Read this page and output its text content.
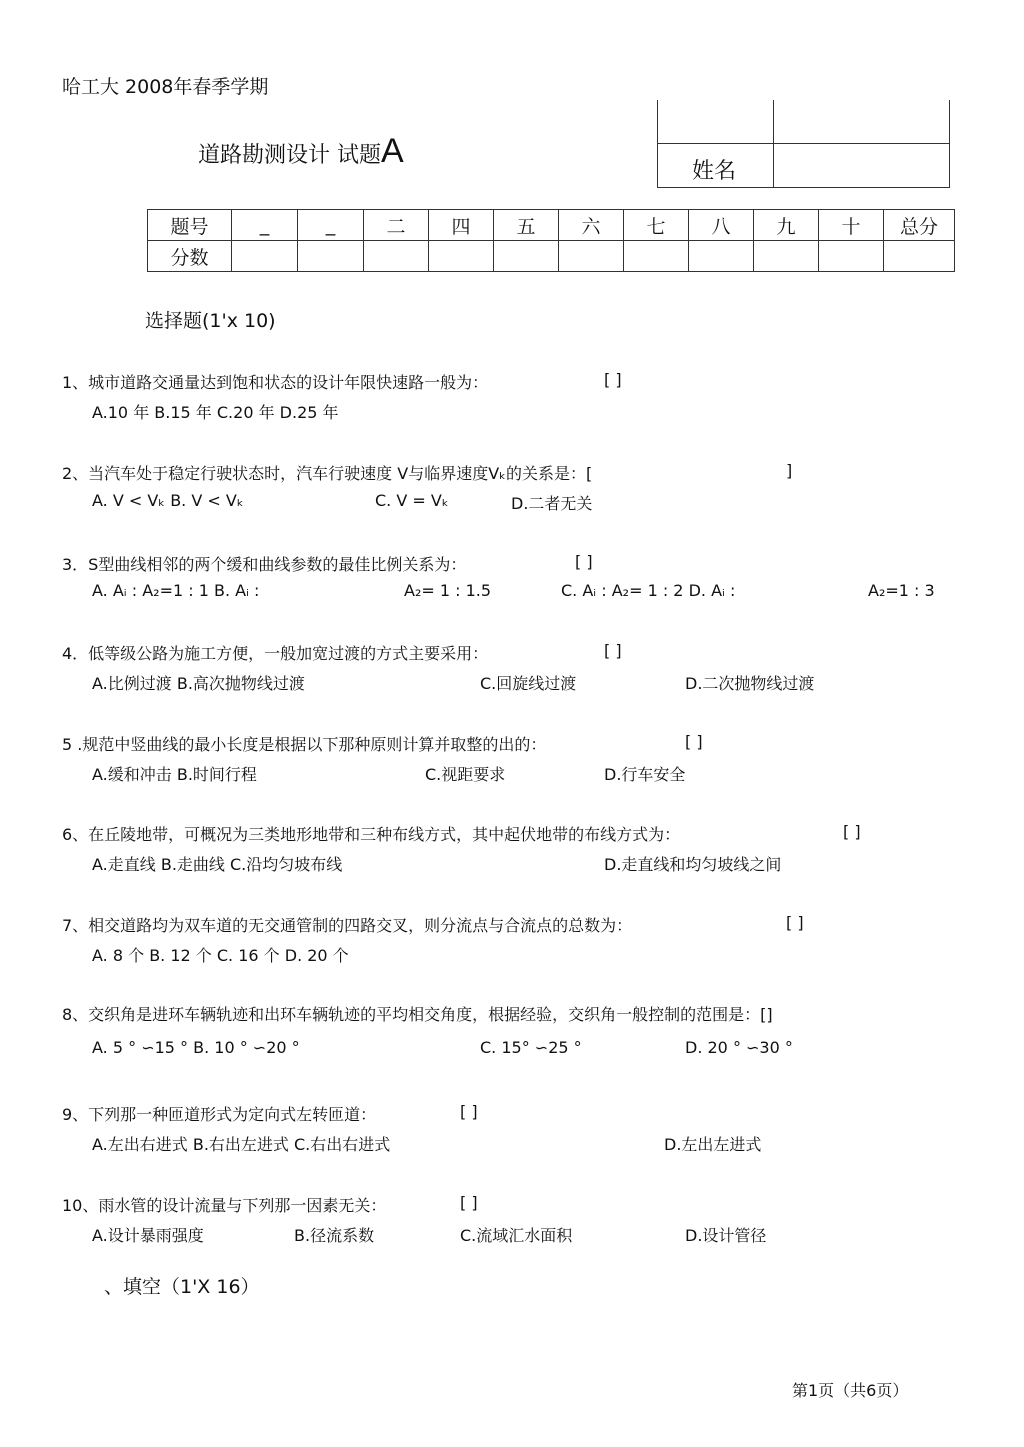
哈工大 2008年春季学期
道路勘测设计 试题A
姓名
题号	_	_	二	四	五	六	七	八	九	十	总分
分数											
选择题(1'x 10)
1、城市道路交通量达到饱和状态的设计年限快速路一般为：	[ ]
A.10 年 B.15 年 C.20 年 D.25 年
2、当汽车处于稳定行驶状态时，汽车行驶速度 V与临界速度Vₖ的关系是：[	]
A. V < Vₖ B. V < Vₖ	C. V = Vₖ	D.二者无关
3．S型曲线相邻的两个缓和曲线参数的最佳比例关系为：	[ ]
A. Aᵢ : A₂=1 : 1 B. Aᵢ :	A₂= 1 : 1.5	C. Aᵢ : A₂= 1 : 2 D. Aᵢ :	A₂=1 : 3
4．低等级公路为施工方便，一般加宽过渡的方式主要采用：	[ ]
A.比例过渡 B.高次抛物线过渡	C.回旋线过渡	D.二次抛物线过渡
5 .规范中竖曲线的最小长度是根据以下那种原则计算并取整的出的：	[ ]
A.缓和冲击 B.时间行程	C.视距要求	D.行车安全
6、在丘陵地带，可概况为三类地形地带和三种布线方式，其中起伏地带的布线方式为：	[ ]
A.走直线 B.走曲线 C.沿均匀坡布线	D.走直线和均匀坡线之间
7、相交道路均为双车道的无交通管制的四路交叉，则分流点与合流点的总数为：	[ ]
A. 8 个 B. 12 个 C. 16 个 D. 20 个
8、交织角是进环车辆轨迹和出环车辆轨迹的平均相交角度，根据经验，交织角一般控制的范围是：[]
A. 5 ° ∽15 ° B. 10 ° ∽20 °	C. 15° ∽25 °	D. 20 ° ∽30 °
9、下列那一种匝道形式为定向式左转匝道：	[ ]
A.左出右进式 B.右出左进式 C.右出右进式	D.左出左进式
10、雨水管的设计流量与下列那一因素无关：	[ ]
A.设计暴雨强度	B.径流系数	C.流域汇水面积	D.设计管径
、填空（1'X 16）
第1页（共6页）
